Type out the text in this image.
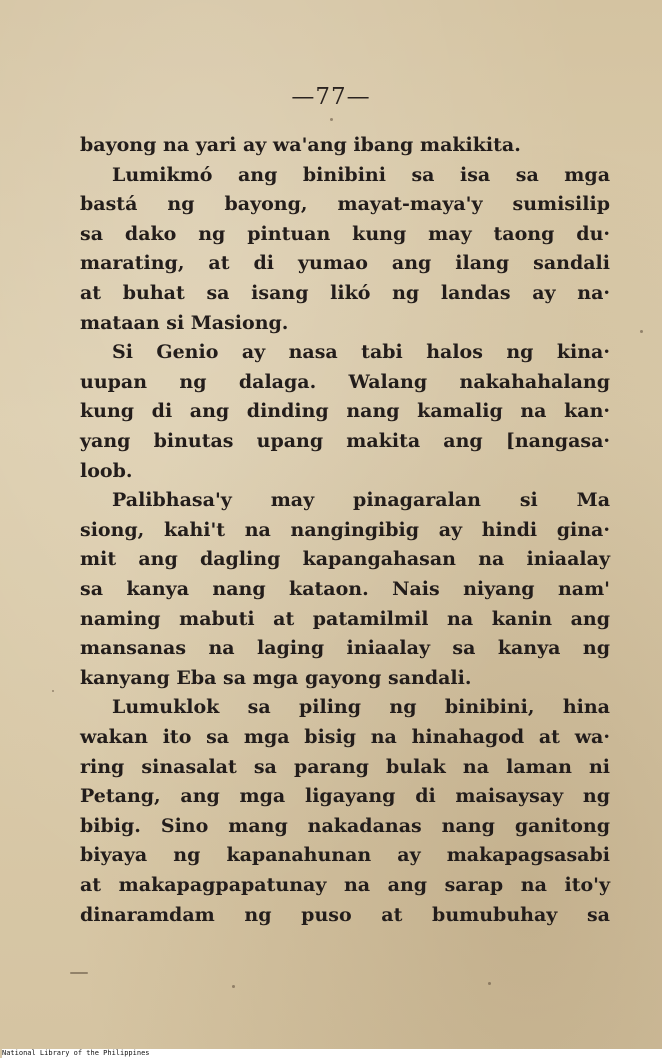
—77—
bayong na yari ay wa'ang ibang makikita.
Lumikmó ang binibini sa isa sa mga
bastá ng bayong, mayat-maya'y sumisilip
sa dako ng pintuan kung may taong du·
marating, at di yumao ang ilang sandali
at buhat sa isang likó ng landas ay na·
mataan si Masiong.
Si Genio ay nasa tabi halos ng kina·
uupan ng dalaga. Walang nakahahalang
kung di ang dinding nang kamalig na kan·
yang binutas upang makita ang [nangasa·
loob.
Palibhasa'y may pinagaralan si Ma
siong, kahi't na nangingibig ay hindi gina·
mit ang dagling kapangahasan na iniaalay
sa kanya nang kataon. Nais niyang nam'
naming mabuti at patamilmil na kanin ang
mansanas na laging iniaalay sa kanya ng
kanyang Eba sa mga gayong sandali.
Lumuklok sa piling ng binibini, hina
wakan ito sa mga bisig na hinahagod at wa·
ring sinasalat sa parang bulak na laman ni
Petang, ang mga ligayang di maisaysay ng
bibig. Sino mang nakadanas nang ganitong
biyaya ng kapanahunan ay makapagsasabi
at makapagpapatunay na ang sarap na ito'y
dinaramdam ng puso at bumubuhay sa
National Library of the Philippines
